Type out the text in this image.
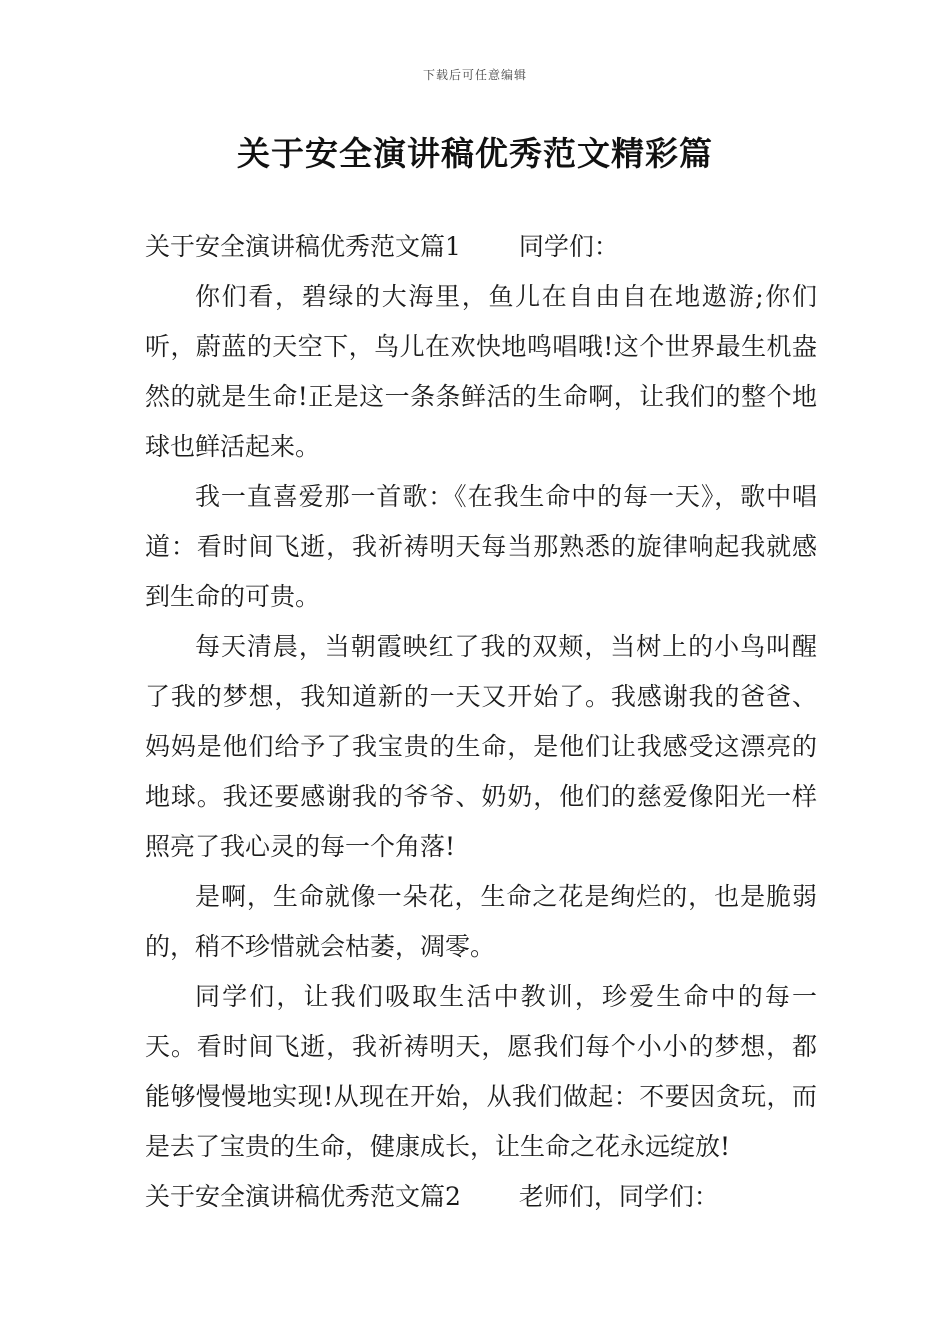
下载后可任意编辑
关于安全演讲稿优秀范文精彩篇

关于安全演讲稿优秀范文篇1 同学们：

你们看，碧绿的大海里，鱼儿在自由自在地遨游;你们听，蔚蓝的天空下，鸟儿在欢快地鸣唱哦!这个世界最生机盎然的就是生命!正是这一条条鲜活的生命啊，让我们的整个地球也鲜活起来。

我一直喜爱那一首歌：《在我生命中的每一天》，歌中唱道：看时间飞逝，我祈祷明天每当那熟悉的旋律响起我就感到生命的可贵。

每天清晨，当朝霞映红了我的双颊，当树上的小鸟叫醒了我的梦想，我知道新的一天又开始了。我感谢我的爸爸、妈妈是他们给予了我宝贵的生命，是他们让我感受这漂亮的地球。我还要感谢我的爷爷、奶奶，他们的慈爱像阳光一样照亮了我心灵的每一个角落!

是啊，生命就像一朵花，生命之花是绚烂的，也是脆弱的，稍不珍惜就会枯萎，凋零。

同学们，让我们吸取生活中教训，珍爱生命中的每一天。看时间飞逝，我祈祷明天，愿我们每个小小的梦想，都能够慢慢地实现!从现在开始，从我们做起：不要因贪玩，而是去了宝贵的生命，健康成长，让生命之花永远绽放!

关于安全演讲稿优秀范文篇2 老师们，同学们：
